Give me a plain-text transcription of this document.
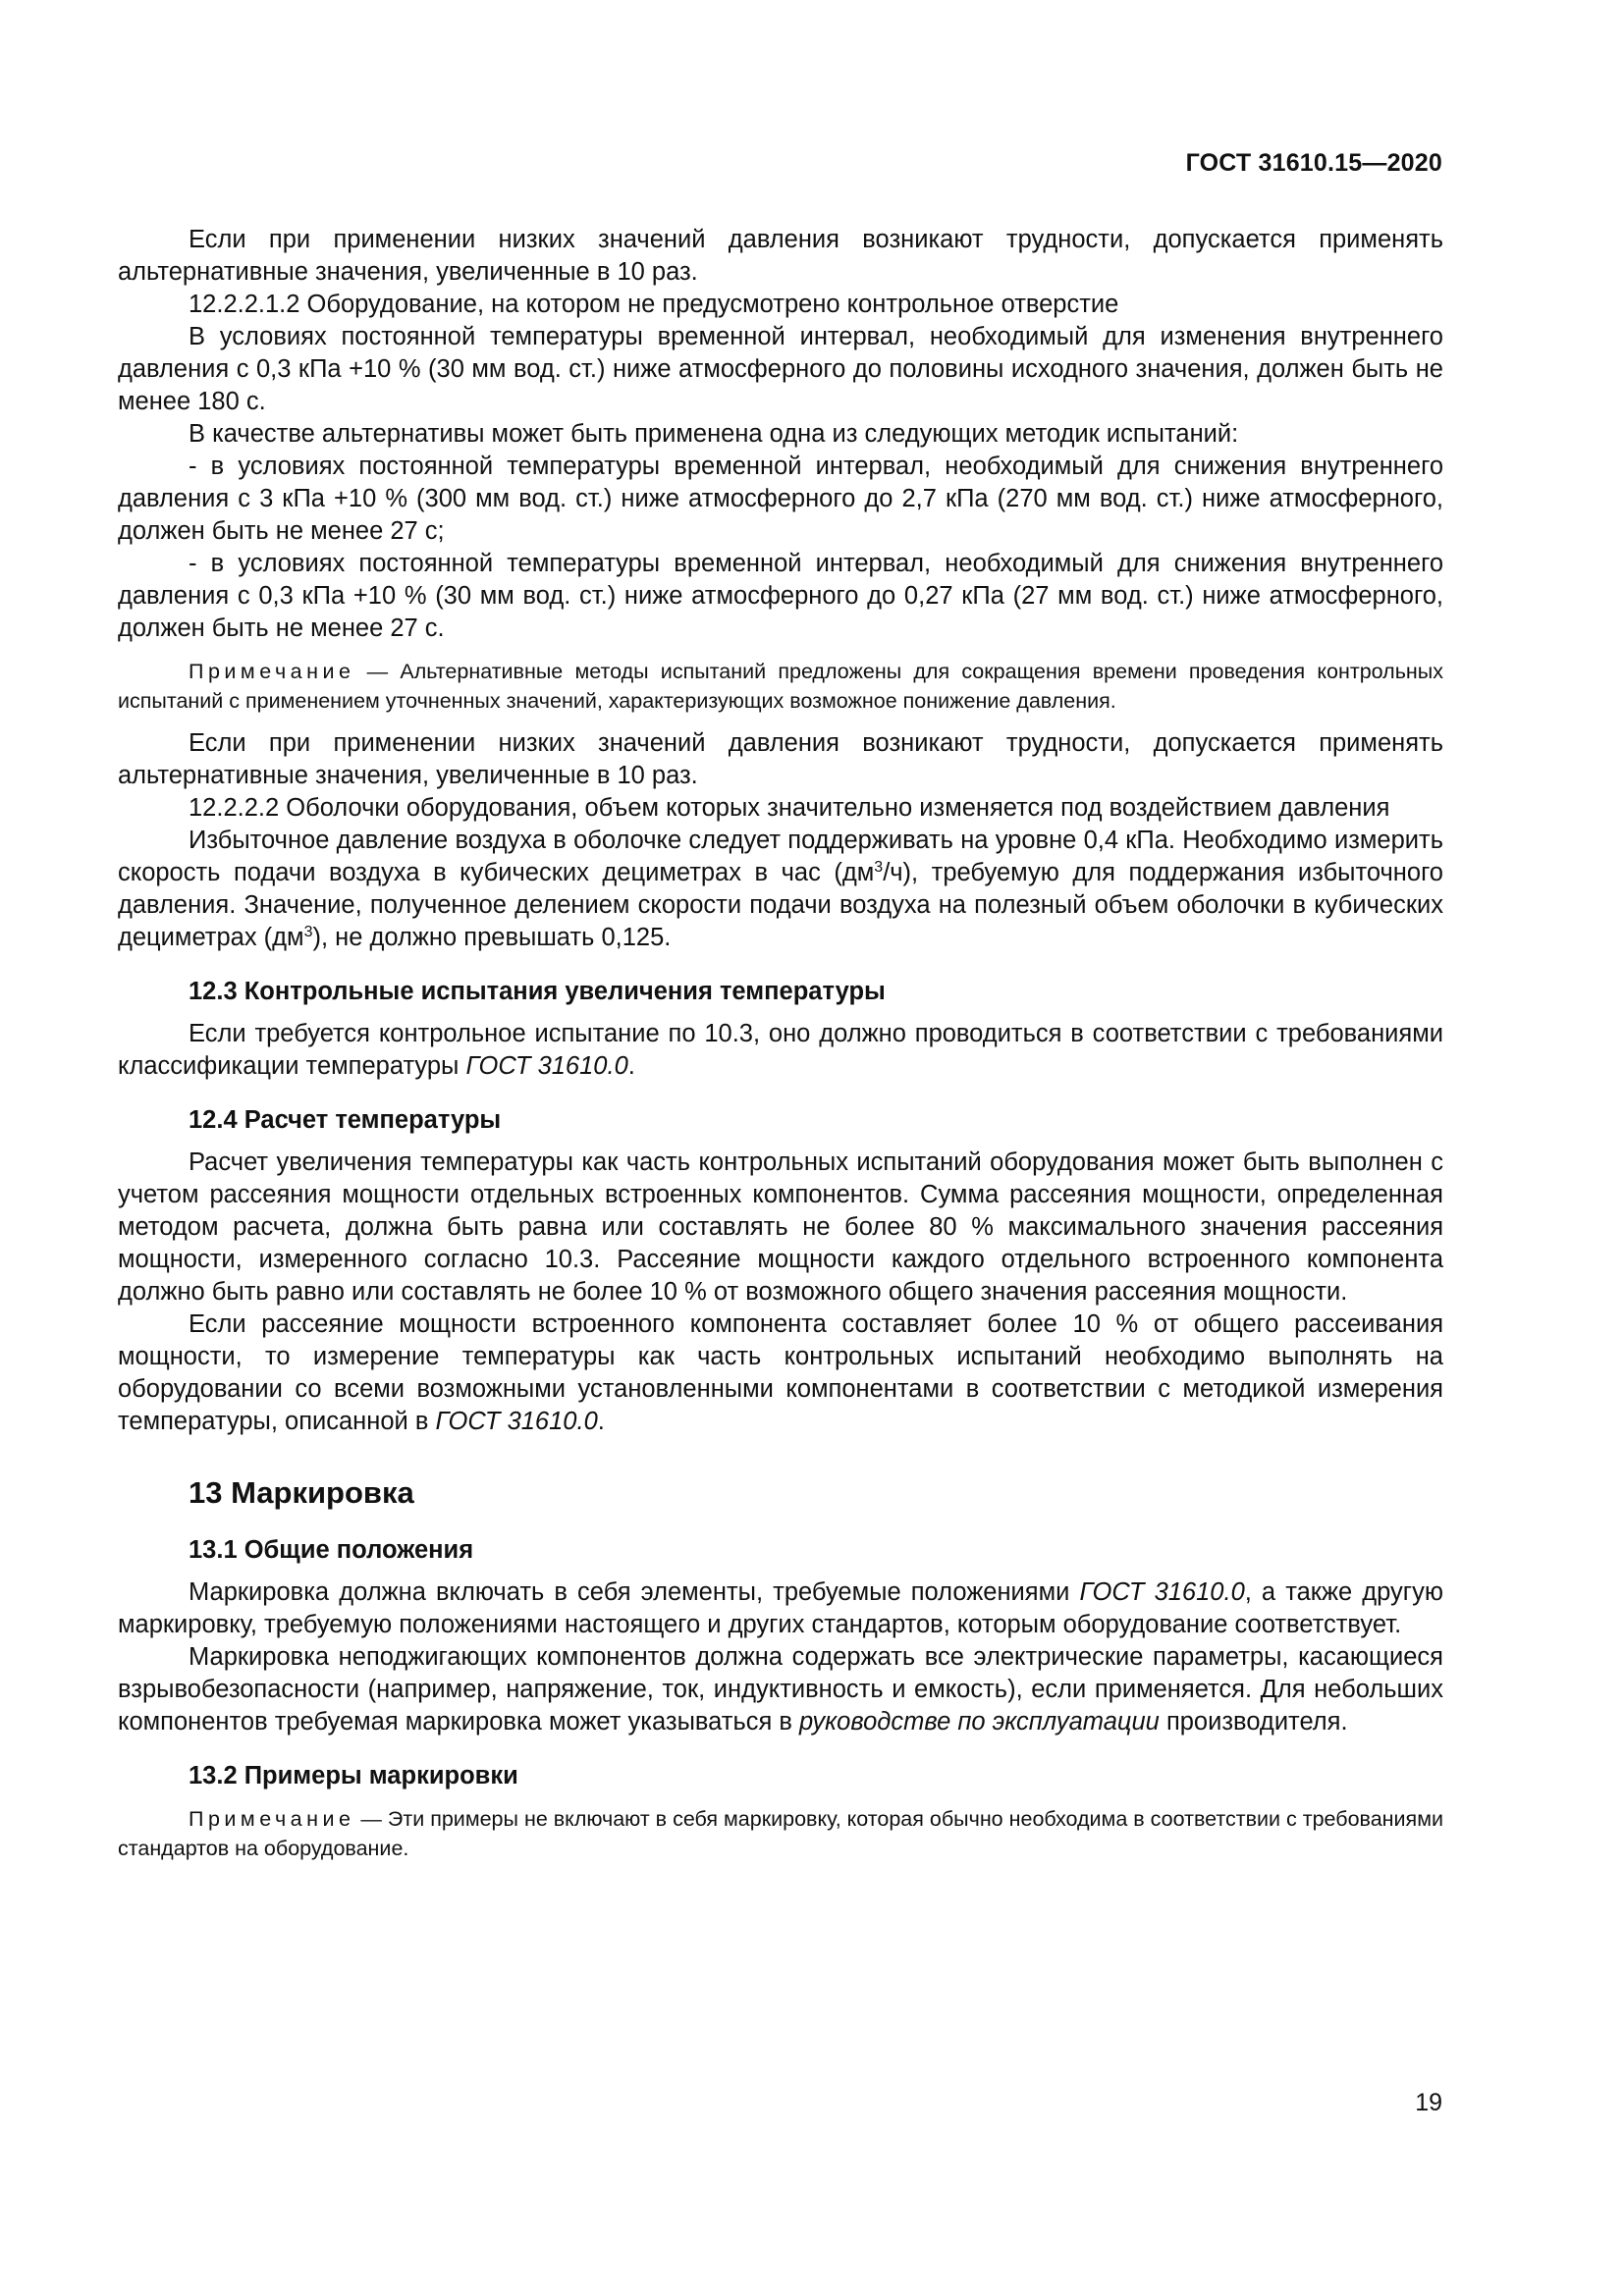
ГОСТ 31610.15—2020

Если при применении низких значений давления возникают трудности, допускается применять альтернативные значения, увеличенные в 10 раз.

12.2.2.1.2 Оборудование, на котором не предусмотрено контрольное отверстие

В условиях постоянной температуры временной интервал, необходимый для изменения внутреннего давления с 0,3 кПа +10 % (30 мм вод. ст.) ниже атмосферного до половины исходного значения, должен быть не менее 180 с.

В качестве альтернативы может быть применена одна из следующих методик испытаний:

- в условиях постоянной температуры временной интервал, необходимый для снижения внутреннего давления с 3 кПа +10 % (300 мм вод. ст.) ниже атмосферного до 2,7 кПа (270 мм вод. ст.) ниже атмосферного, должен быть не менее 27 с;

- в условиях постоянной температуры временной интервал, необходимый для снижения внутреннего давления с 0,3 кПа +10 % (30 мм вод. ст.) ниже атмосферного до 0,27 кПа (27 мм вод. ст.) ниже атмосферного, должен быть не менее 27 с.

Примечание — Альтернативные методы испытаний предложены для сокращения времени проведения контрольных испытаний с применением уточненных значений, характеризующих возможное понижение давления.

Если при применении низких значений давления возникают трудности, допускается применять альтернативные значения, увеличенные в 10 раз.

12.2.2.2 Оболочки оборудования, объем которых значительно изменяется под воздействием давления

Избыточное давление воздуха в оболочке следует поддерживать на уровне 0,4 кПа. Необходимо измерить скорость подачи воздуха в кубических дециметрах в час $(дм^3/ч)$, требуемую для поддержания избыточного давления. Значение, полученное делением скорости подачи воздуха на полезный объем оболочки в кубических дециметрах $(дм^3)$, не должно превышать 0,125.

12.3 Контрольные испытания увеличения температуры

Если требуется контрольное испытание по 10.3, оно должно проводиться в соответствии с требованиями классификации температуры ГОСТ 31610.0.

12.4 Расчет температуры

Расчет увеличения температуры как часть контрольных испытаний оборудования может быть выполнен с учетом рассеяния мощности отдельных встроенных компонентов. Сумма рассеяния мощности, определенная методом расчета, должна быть равна или составлять не более 80 % максимального значения рассеяния мощности, измеренного согласно 10.3. Рассеяние мощности каждого отдельного встроенного компонента должно быть равно или составлять не более 10 % от возможного общего значения рассеяния мощности.

Если рассеяние мощности встроенного компонента составляет более 10 % от общего рассеивания мощности, то измерение температуры как часть контрольных испытаний необходимо выполнять на оборудовании со всеми возможными установленными компонентами в соответствии с методикой измерения температуры, описанной в ГОСТ 31610.0.

13 Маркировка
13.1 Общие положения

Маркировка должна включать в себя элементы, требуемые положениями ГОСТ 31610.0, а также другую маркировку, требуемую положениями настоящего и других стандартов, которым оборудование соответствует.

Маркировка неподжигающих компонентов должна содержать все электрические параметры, касающиеся взрывобезопасности (например, напряжение, ток, индуктивность и емкость), если применяется. Для небольших компонентов требуемая маркировка может указываться в руководстве по эксплуатации производителя.

13.2 Примеры маркировки

Примечание — Эти примеры не включают в себя маркировку, которая обычно необходима в соответствии с требованиями стандартов на оборудование.

19
